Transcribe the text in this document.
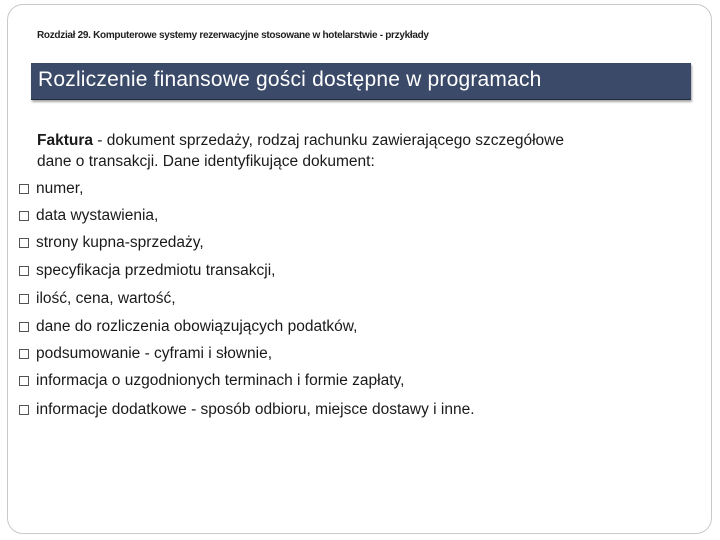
Rozdział 29. Komputerowe systemy rezerwacyjne stosowane w hotelarstwie - przykłady
Rozliczenie finansowe gości dostępne w programach
Faktura - dokument sprzedaży, rodzaj rachunku zawierającego szczegółowe
dane o transakcji. Dane identyfikujące dokument:
numer,
data wystawienia,
strony kupna-sprzedaży,
specyfikacja przedmiotu transakcji,
ilość, cena, wartość,
dane do rozliczenia obowiązujących podatków,
podsumowanie - cyframi i słownie,
informacja o uzgodnionych terminach i formie zapłaty,
informacje dodatkowe - sposób odbioru, miejsce dostawy i inne.
